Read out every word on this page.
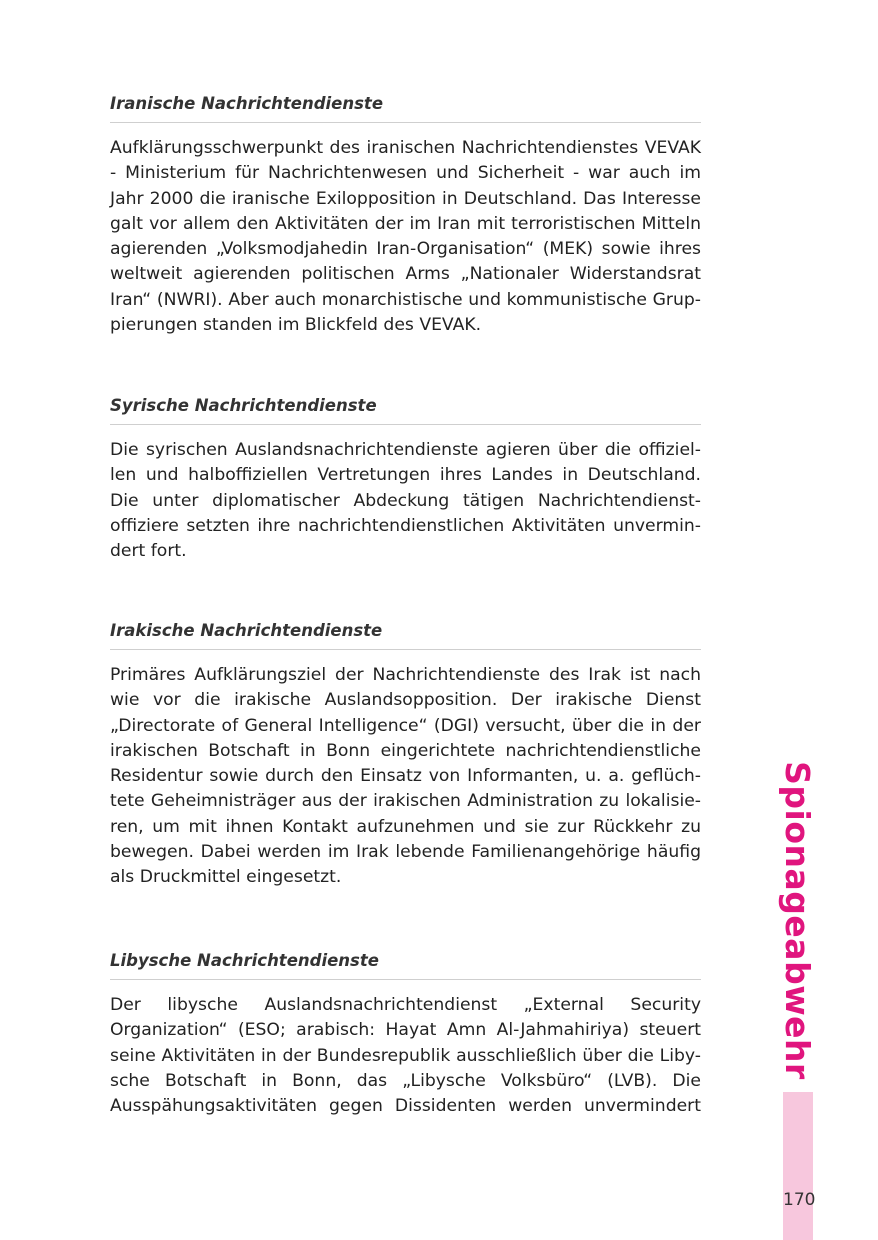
Iranische Nachrichtendienste
Aufklärungsschwerpunkt des iranischen Nachrichtendienstes VEVAK
- Ministerium für Nachrichtenwesen und Sicherheit - war auch im
Jahr 2000 die iranische Exilopposition in Deutschland. Das Interesse
galt vor allem den Aktivitäten der im Iran mit terroristischen Mitteln
agierenden „Volksmodjahedin Iran-Organisation“ (MEK) sowie ihres
weltweit agierenden politischen Arms „Nationaler Widerstandsrat
Iran“ (NWRI). Aber auch monarchistische und kommunistische Grup-
pierungen standen im Blickfeld des VEVAK.
Syrische Nachrichtendienste
Die syrischen Auslandsnachrichtendienste agieren über die offiziel-
len und halboffiziellen Vertretungen ihres Landes in Deutschland.
Die unter diplomatischer Abdeckung tätigen Nachrichtendienst-
offiziere setzten ihre nachrichtendienstlichen Aktivitäten unvermin-
dert fort.
Irakische Nachrichtendienste
Primäres Aufklärungsziel der Nachrichtendienste des Irak ist nach
wie vor die irakische Auslandsopposition. Der irakische Dienst
„Directorate of General Intelligence“ (DGI) versucht, über die in der
irakischen Botschaft in Bonn eingerichtete nachrichtendienstliche
Residentur sowie durch den Einsatz von Informanten, u. a. geflüch-
tete Geheimnisträger aus der irakischen Administration zu lokalisie-
ren, um mit ihnen Kontakt aufzunehmen und sie zur Rückkehr zu
bewegen. Dabei werden im Irak lebende Familienangehörige häufig
als Druckmittel eingesetzt.
Libysche Nachrichtendienste
Der libysche Auslandsnachrichtendienst „External Security
Organization“ (ESO; arabisch: Hayat Amn Al-Jahmahiriya) steuert
seine Aktivitäten in der Bundesrepublik ausschließlich über die Liby-
sche Botschaft in Bonn, das „Libysche Volksbüro“ (LVB). Die
Ausspähungsaktivitäten gegen Dissidenten werden unvermindert
Spionageabwehr
170
